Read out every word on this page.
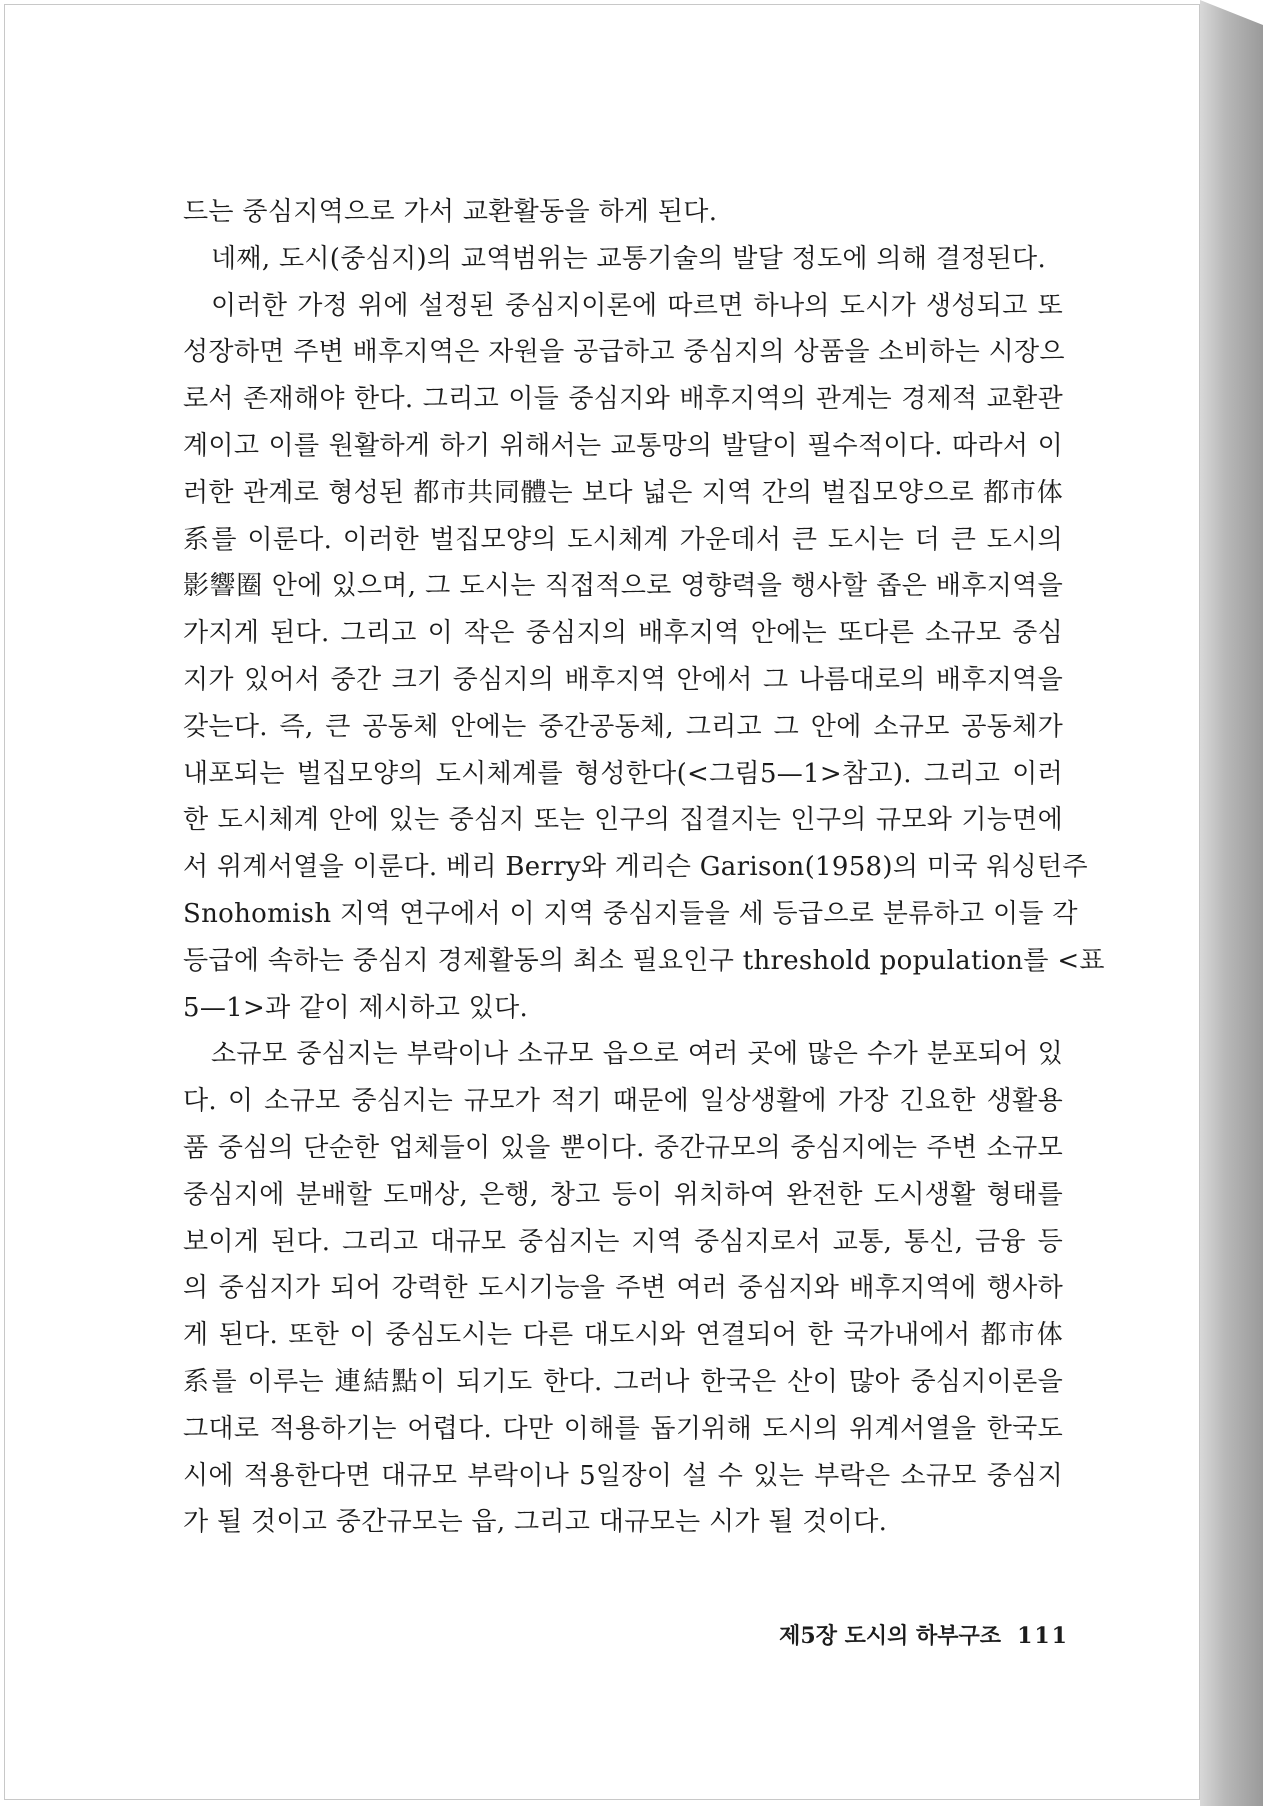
드는 중심지역으로 가서 교환활동을 하게 된다.
네째, 도시(중심지)의 교역범위는 교통기술의 발달 정도에 의해 결정된다.
이러한 가정 위에 설정된 중심지이론에 따르면 하나의 도시가 생성되고 또
성장하면 주변 배후지역은 자원을 공급하고 중심지의 상품을 소비하는 시장으
로서 존재해야 한다. 그리고 이들 중심지와 배후지역의 관계는 경제적 교환관
계이고 이를 원활하게 하기 위해서는 교통망의 발달이 필수적이다. 따라서 이
러한 관계로 형성된 都市共同體는 보다 넓은 지역 간의 벌집모양으로 都市体
系를 이룬다. 이러한 벌집모양의 도시체계 가운데서 큰 도시는 더 큰 도시의
影響圈 안에 있으며, 그 도시는 직접적으로 영향력을 행사할 좁은 배후지역을
가지게 된다. 그리고 이 작은 중심지의 배후지역 안에는 또다른 소규모 중심
지가 있어서 중간 크기 중심지의 배후지역 안에서 그 나름대로의 배후지역을
갖는다. 즉, 큰 공동체 안에는 중간공동체, 그리고 그 안에 소규모 공동체가
내포되는 벌집모양의 도시체계를 형성한다(<그림5—1>참고). 그리고 이러
한 도시체계 안에 있는 중심지 또는 인구의 집결지는 인구의 규모와 기능면에
서 위계서열을 이룬다. 베리 Berry와 게리슨 Garison(1958)의 미국 워싱턴주
Snohomish 지역 연구에서 이 지역 중심지들을 세 등급으로 분류하고 이들 각
등급에 속하는 중심지 경제활동의 최소 필요인구 threshold population를 <표
5—1>과 같이 제시하고 있다.
소규모 중심지는 부락이나 소규모 읍으로 여러 곳에 많은 수가 분포되어 있
다. 이 소규모 중심지는 규모가 적기 때문에 일상생활에 가장 긴요한 생활용
품 중심의 단순한 업체들이 있을 뿐이다. 중간규모의 중심지에는 주변 소규모
중심지에 분배할 도매상, 은행, 창고 등이 위치하여 완전한 도시생활 형태를
보이게 된다. 그리고 대규모 중심지는 지역 중심지로서 교통, 통신, 금융 등
의 중심지가 되어 강력한 도시기능을 주변 여러 중심지와 배후지역에 행사하
게 된다. 또한 이 중심도시는 다른 대도시와 연결되어 한 국가내에서 都市体
系를 이루는 連結點이 되기도 한다. 그러나 한국은 산이 많아 중심지이론을
그대로 적용하기는 어렵다. 다만 이해를 돕기위해 도시의 위계서열을 한국도
시에 적용한다면 대규모 부락이나 5일장이 설 수 있는 부락은 소규모 중심지
가 될 것이고 중간규모는 읍, 그리고 대규모는 시가 될 것이다.
제5장 도시의 하부구조 111
